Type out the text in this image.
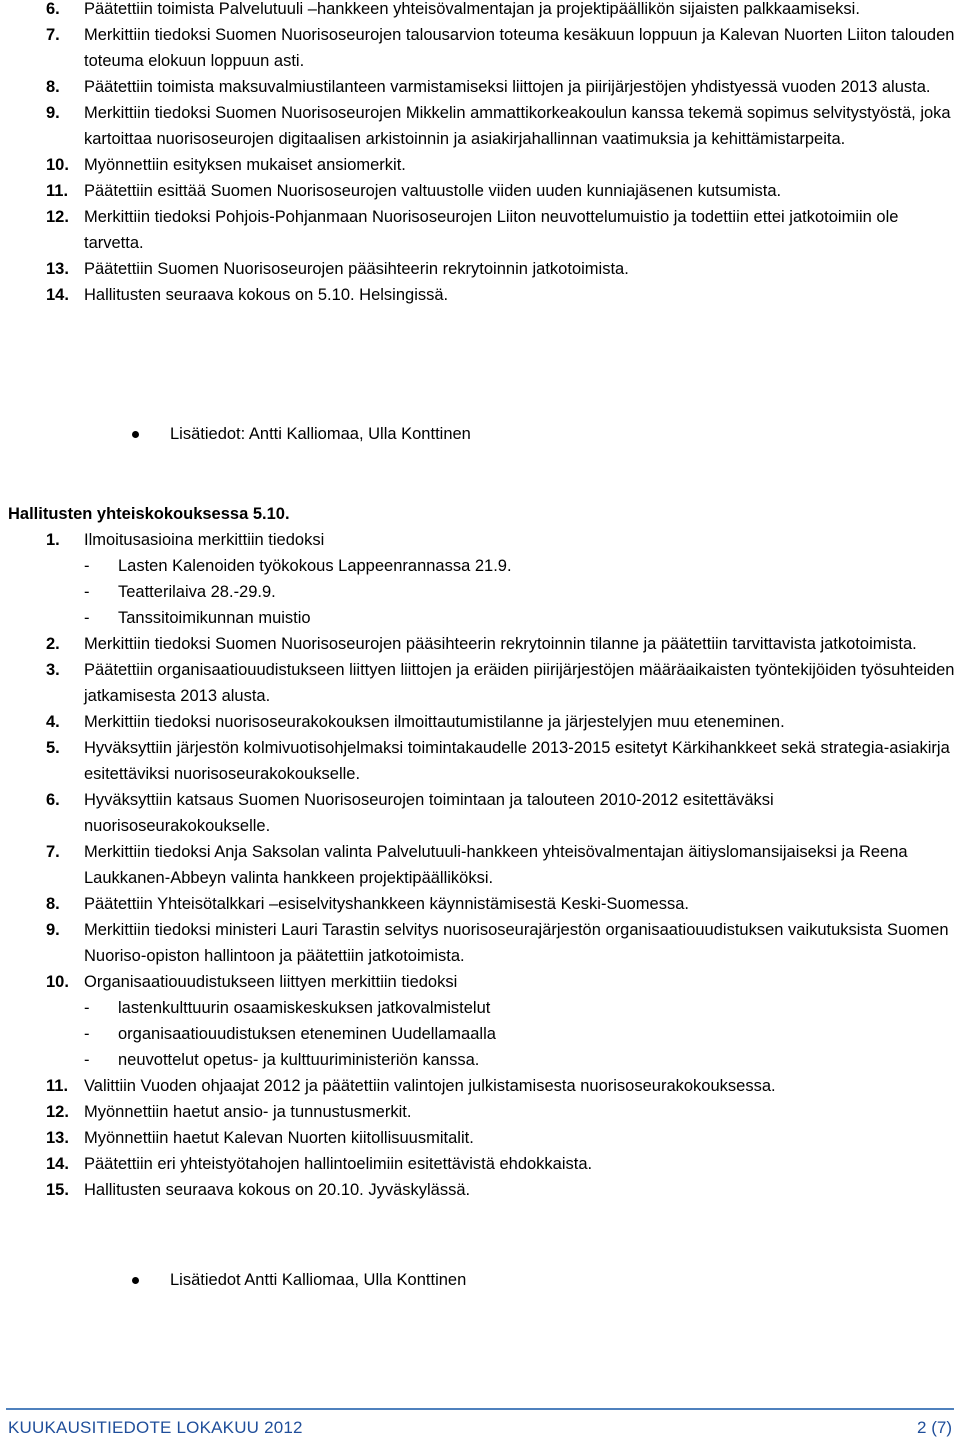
6.	Päätettiin toimista Palvelutuuli –hankkeen yhteisövalmentajan ja projektipäällikön sijaisten palkkaamiseksi.
7.	Merkittiin tiedoksi Suomen Nuorisoseurojen talousarvion toteuma kesäkuun loppuun ja Kalevan Nuorten Liiton talouden toteuma elokuun loppuun asti.
8.	Päätettiin toimista maksuvalmiustilanteen varmistamiseksi liittojen ja piirijärjestöjen yhdistyessä vuoden 2013 alusta.
9.	Merkittiin tiedoksi Suomen Nuorisoseurojen Mikkelin ammattikorkeakoulun kanssa tekemä sopimus selvitystyöstä, joka kartoittaa nuorisoseurojen digitaalisen arkistoinnin ja asiakirjahallinnan vaatimuksia ja kehittämistarpeita.
10. Myönnettiin esityksen mukaiset ansiomerkit.
11. Päätettiin esittää Suomen Nuorisoseurojen valtuustolle viiden uuden kunniajäsenen kutsumista.
12. Merkittiin tiedoksi Pohjois-Pohjanmaan Nuorisoseurojen Liiton neuvottelumuistio ja todettiin ettei jatkotoimiin ole tarvetta.
13. Päätettiin Suomen Nuorisoseurojen pääsihteerin rekrytoinnin jatkotoimista.
14. Hallitusten seuraava kokous on 5.10. Helsingissä.
Lisätiedot: Antti Kalliomaa, Ulla Konttinen
Hallitusten yhteiskokouksessa 5.10.
1.	Ilmoitusasioina merkittiin tiedoksi
- Lasten Kalenoiden työkokous Lappeenrannassa 21.9.
- Teatterilaiva 28.-29.9.
- Tanssitoimikunnan muistio
2.	Merkittiin tiedoksi Suomen Nuorisoseurojen pääsihteerin rekrytoinnin tilanne ja päätettiin tarvittavista jatkotoimista.
3.	Päätettiin organisaatiouudistukseen liittyen liittojen ja eräiden piirijärjestöjen määräaikaisten työntekijöiden työsuhteiden jatkamisesta 2013 alusta.
4.	Merkittiin tiedoksi nuorisoseurakokouksen ilmoittautumistilanne ja järjestelyjen muu eteneminen.
5.	Hyväksyttiin järjestön kolmivuotisohjelmaksi toimintakaudelle 2013-2015 esitetyt Kärkihankkeet sekä strategia-asiakirja esitettäviksi nuorisoseurakokoukselle.
6.	Hyväksyttiin katsaus Suomen Nuorisoseurojen toimintaan ja talouteen 2010-2012 esitettäväksi nuorisoseurakokoukselle.
7.	Merkittiin tiedoksi Anja Saksolan valinta Palvelutuuli-hankkeen yhteisövalmentajan äitiyslomansijaiseksi ja Reena Laukkanen-Abbeyn valinta hankkeen projektipäälliköksi.
8.	Päätettiin Yhteisötalkkari –esiselvityshankkeen käynnistämisestä Keski-Suomessa.
9.	Merkittiin tiedoksi ministeri Lauri Tarastin selvitys nuorisoseurajärjestön organisaatiouudistuksen vaikutuksista Suomen Nuoriso-opiston hallintoon ja päätettiin jatkotoimista.
10. Organisaatiouudistukseen liittyen merkittiin tiedoksi
- lastenkulttuurin osaamiskeskuksen jatkovalmistelut
- organisaatiouudistuksen eteneminen Uudellamaalla
- neuvottelut opetus- ja kulttuuriministeriön kanssa.
11. Valittiin Vuoden ohjaajat 2012 ja päätettiin valintojen julkistamisesta nuorisoseurakokouksessa.
12. Myönnettiin haetut ansio- ja tunnustusmerkit.
13. Myönnettiin haetut Kalevan Nuorten kiitollisuusmitalit.
14. Päätettiin eri yhteistyötahojen hallintoelimiin esitettävistä ehdokkaista.
15. Hallitusten seuraava kokous on 20.10. Jyväskylässä.
Lisätiedot Antti Kalliomaa, Ulla Konttinen
KUUKAUSITIEDOTE LOKAKUU 2012	2 (7)
